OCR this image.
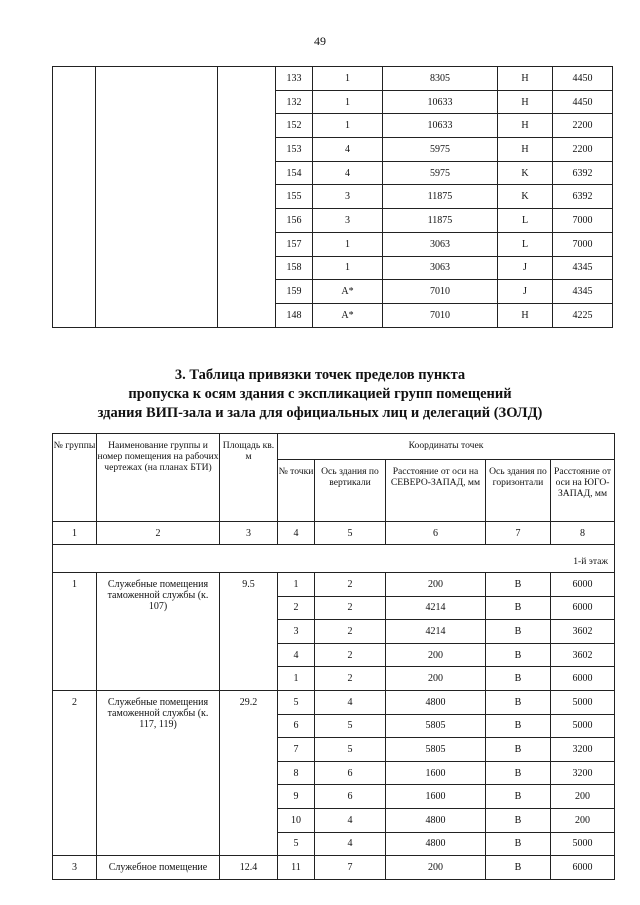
49
			133	1	8305	H	4450
			132	1	10633	H	4450
			152	1	10633	H	2200
			153	4	5975	H	2200
			154	4	5975	K	6392
			155	3	11875	K	6392
			156	3	11875	L	7000
			157	1	3063	L	7000
			158	1	3063	J	4345
			159	A*	7010	J	4345
			148	A*	7010	H	4225
3. Таблица привязки точек пределов пункта
пропуска к осям здания с экспликацией групп помещений
здания ВИП-зала и зала для официальных лиц и делегаций (ЗОЛД)
№ группы	Наименование группы и номер помещения на рабочих чертежах (на планах БТИ)	Площадь кв. м	Координаты точек				
			№ точки	Ось здания по вертикали	Расстояние от оси на СЕВЕРО-ЗАПАД, мм	Ось здания по горизонтали	Расстояние от оси на ЮГО-ЗАПАД, мм
1	2	3	4	5	6	7	8
1-й этаж							
1	Служебные помещения таможенной службы (к. 107)	9.5	1	2	200	B	6000
			2	2	4214	B	6000
			3	2	4214	B	3602
			4	2	200	B	3602
			1	2	200	B	6000
2	Служебные помещения таможенной службы (к. 117, 119)	29.2	5	4	4800	B	5000
			6	5	5805	B	5000
			7	5	5805	B	3200
			8	6	1600	B	3200
			9	6	1600	B	200
			10	4	4800	B	200
			5	4	4800	B	5000
3	Служебное помещение	12.4	11	7	200	B	6000
